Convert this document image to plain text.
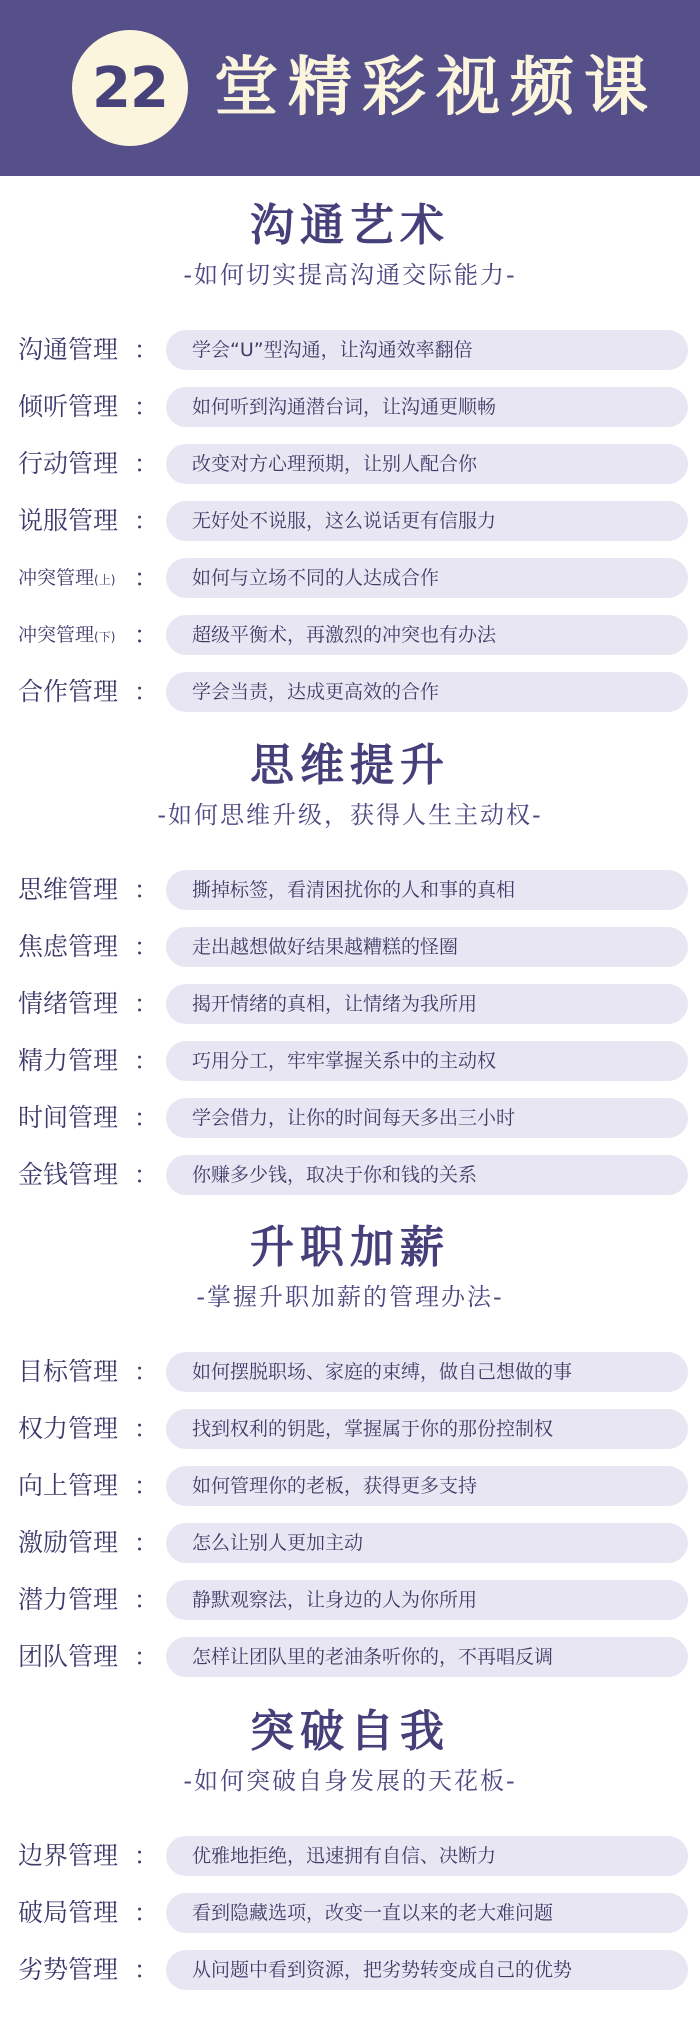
22 堂精彩视频课
沟通艺术
-如何切实提高沟通交际能力-
沟通管理 ： 学会“U”型沟通，让沟通效率翻倍
倾听管理 ： 如何听到沟通潜台词，让沟通更顺畅
行动管理 ： 改变对方心理预期，让别人配合你
说服管理 ： 无好处不说服，这么说话更有信服力
冲突管理(上) ： 如何与立场不同的人达成合作
冲突管理(下) ： 超级平衡术，再激烈的冲突也有办法
合作管理 ： 学会当责，达成更高效的合作
思维提升
-如何思维升级，获得人生主动权-
思维管理 ： 撕掉标签，看清困扰你的人和事的真相
焦虑管理 ： 走出越想做好结果越糟糕的怪圈
情绪管理 ： 揭开情绪的真相，让情绪为我所用
精力管理 ： 巧用分工，牢牢掌握关系中的主动权
时间管理 ： 学会借力，让你的时间每天多出三小时
金钱管理 ： 你赚多少钱，取决于你和钱的关系
升职加薪
-掌握升职加薪的管理办法-
目标管理 ： 如何摆脱职场、家庭的束缚，做自己想做的事
权力管理 ： 找到权利的钥匙，掌握属于你的那份控制权
向上管理 ： 如何管理你的老板，获得更多支持
激励管理 ： 怎么让别人更加主动
潜力管理 ： 静默观察法，让身边的人为你所用
团队管理 ： 怎样让团队里的老油条听你的，不再唱反调
突破自我
-如何突破自身发展的天花板-
边界管理 ： 优雅地拒绝，迅速拥有自信、决断力
破局管理 ： 看到隐藏选项，改变一直以来的老大难问题
劣势管理 ： 从问题中看到资源，把劣势转变成自己的优势
